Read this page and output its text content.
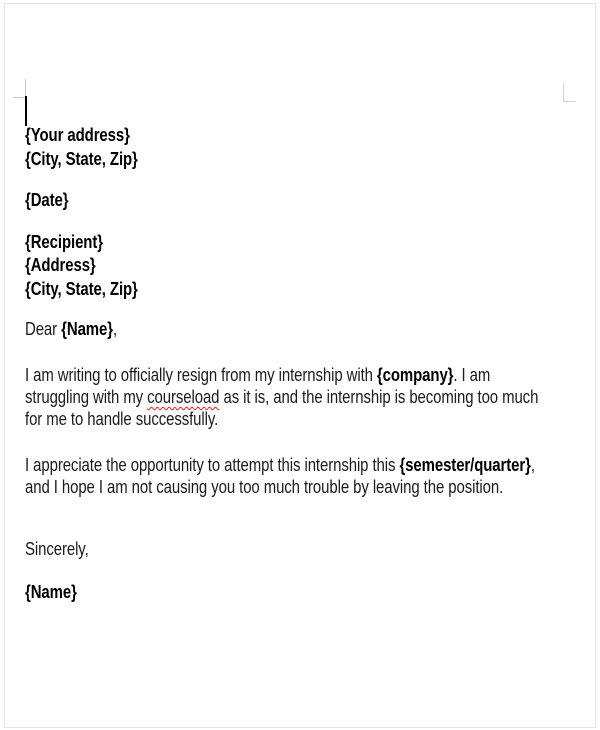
{Your address}
{City, State, Zip}
{Date}
{Recipient}
{Address}
{City, State, Zip}
Dear {Name},
I am writing to officially resign from my internship with {company}. I am
struggling with my courseload as it is, and the internship is becoming too much
for me to handle successfully.
I appreciate the opportunity to attempt this internship this {semester/quarter},
and I hope I am not causing you too much trouble by leaving the position.
Sincerely,
{Name}
